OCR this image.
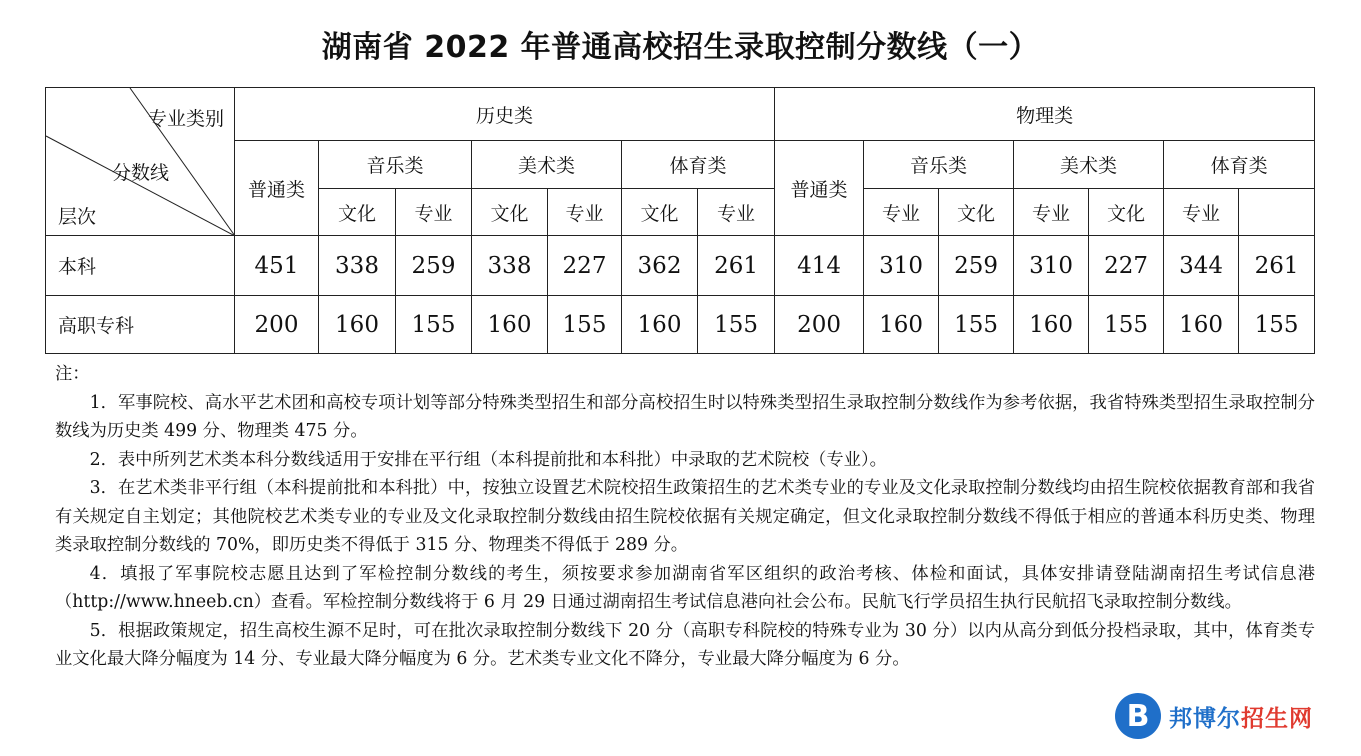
湖南省 2022 年普通高校招生录取控制分数线（一）
专业类别
分数线
层次	历史类							物理类						
	普通类	音乐类		美术类		体育类		普通类	音乐类		美术类		体育类	
		文化	专业	文化	专业	文化	专业		专业	文化	专业	文化	专业	
本科	451	338	259	338	227	362	261	414	310	259	310	227	344	261
高职专科	200	160	155	160	155	160	155	200	160	155	160	155	160	155

注：

1．军事院校、高水平艺术团和高校专项计划等部分特殊类型招生和部分高校招生时以特殊类型招生录取控制分数线作为参考依据，我省特殊类型招生录取控制分数线为历史类 499 分、物理类 475 分。

2．表中所列艺术类本科分数线适用于安排在平行组（本科提前批和本科批）中录取的艺术院校（专业）。

3．在艺术类非平行组（本科提前批和本科批）中，按独立设置艺术院校招生政策招生的艺术类专业的专业及文化录取控制分数线均由招生院校依据教育部和我省有关规定自主划定；其他院校艺术类专业的专业及文化录取控制分数线由招生院校依据有关规定确定，但文化录取控制分数线不得低于相应的普通本科历史类、物理类录取控制分数线的 70%，即历史类不得低于 315 分、物理类不得低于 289 分。

4．填报了军事院校志愿且达到了军检控制分数线的考生，须按要求参加湖南省军区组织的政治考核、体检和面试，具体安排请登陆湖南招生考试信息港（http://www.hneeb.cn）查看。军检控制分数线将于 6 月 29 日通过湖南招生考试信息港向社会公布。民航飞行学员招生执行民航招飞录取控制分数线。

5．根据政策规定，招生高校生源不足时，可在批次录取控制分数线下 20 分（高职专科院校的特殊专业为 30 分）以内从高分到低分投档录取，其中，体育类专业文化最大降分幅度为 14 分、专业最大降分幅度为 6 分。艺术类专业文化不降分，专业最大降分幅度为 6 分。

B 邦博尔招生网
